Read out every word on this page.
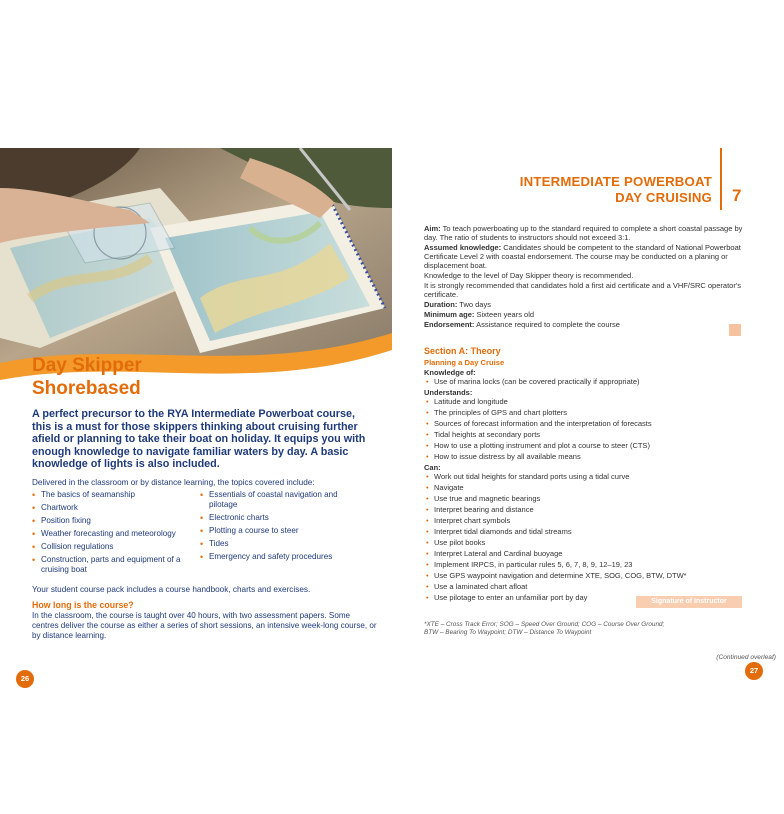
Day Skipper
Shorebased
A perfect precursor to the RYA Intermediate Powerboat course, this is a must for those skippers thinking about cruising further afield or planning to take their boat on holiday. It equips you with enough knowledge to navigate familiar waters by day. A basic knowledge of lights is also included.
Delivered in the classroom or by distance learning, the topics covered include:
• The basics of seamanship
• Chartwork
• Position fixing
• Weather forecasting and meteorology
• Collision regulations
• Construction, parts and equipment of a cruising boat
• Essentials of coastal navigation and pilotage
• Electronic charts
• Plotting a course to steer
• Tides
• Emergency and safety procedures
Your student course pack includes a course handbook, charts and exercises.
How long is the course?
In the classroom, the course is taught over 40 hours, with two assessment papers. Some centres deliver the course as either a series of short sessions, an intensive week-long course, or by distance learning.
26
INTERMEDIATE POWERBOAT
DAY CRUISING 7

Aim: To teach powerboating up to the standard required to complete a short coastal passage by day. The ratio of students to instructors should not exceed 3:1.

Assumed knowledge: Candidates should be competent to the standard of National Powerboat Certificate Level 2 with coastal endorsement. The course may be conducted on a planing or displacement boat.

Knowledge to the level of Day Skipper theory is recommended.

It is strongly recommended that candidates hold a first aid certificate and a VHF/SRC operator's certificate.

Duration: Two days

Minimum age: Sixteen years old

Endorsement: Assistance required to complete the course

Section A: Theory
Planning a Day Cruise

Knowledge of:

• Use of marina locks (can be covered practically if appropriate)

Understands:

• Latitude and longitude
• The principles of GPS and chart plotters
• Sources of forecast information and the interpretation of forecasts
• Tidal heights at secondary ports
• How to use a plotting instrument and plot a course to steer (CTS)
• How to issue distress by all available means

Can:

• Work out tidal heights for standard ports using a tidal curve
• Navigate
• Use true and magnetic bearings
• Interpret bearing and distance
• Interpret chart symbols
• Interpret tidal diamonds and tidal streams
• Use pilot books
• Interpret Lateral and Cardinal buoyage
• Implement IRPCS, in particular rules 5, 6, 7, 8, 9, 12–19, 23
• Use GPS waypoint navigation and determine XTE, SOG, COG, BTW, DTW*
• Use a laminated chart afloat
• Use pilotage to enter an unfamiliar port by day	Signature of Instructor
*XTE – Cross Track Error; SOG – Speed Over Ground; COG – Course Over Ground;
BTW – Bearing To Waypoint; DTW – Distance To Waypoint
(Continued overleaf)
27
